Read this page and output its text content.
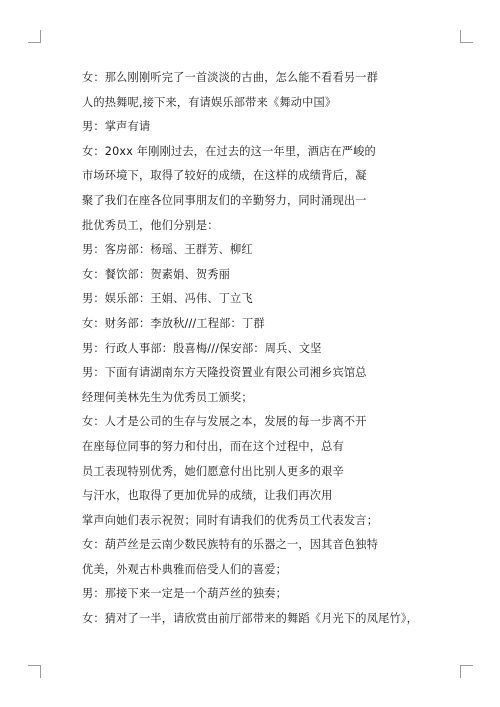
女：那么刚刚听完了一首淡淡的古曲，怎么能不看看另一群
人的热舞呢,接下来，有请娱乐部带来《舞动中国》
男：掌声有请
女：20xx 年刚刚过去，在过去的这一年里，酒店在严峻的
市场环境下，取得了较好的成绩，在这样的成绩背后，凝
聚了我们在座各位同事朋友们的辛勤努力，同时涌现出一
批优秀员工，他们分别是：
男：客房部：杨瑶、王群芳、柳红
女：餐饮部：贺素娟、贺秀丽
男：娱乐部：王娟、冯伟、丁立飞
女：财务部：李放秋///工程部：丁群
男：行政人事部：殷喜梅///保安部：周兵、文坚
男：下面有请湖南东方天隆投资置业有限公司湘乡宾馆总
经理何美林先生为优秀员工颁奖；
女：人才是公司的生存与发展之本，发展的每一步离不开
在座每位同事的努力和付出，而在这个过程中，总有
员工表现特别优秀，她们愿意付出比别人更多的艰辛
与汗水，也取得了更加优异的成绩，让我们再次用
掌声向她们表示祝贺；同时有请我们的优秀员工代表发言；
女：葫芦丝是云南少数民族特有的乐器之一，因其音色独特
优美，外观古朴典雅而倍受人们的喜爱；
男：那接下来一定是一个葫芦丝的独奏；
女：猜对了一半，请欣赏由前厅部带来的舞蹈《月光下的凤尾竹》，
